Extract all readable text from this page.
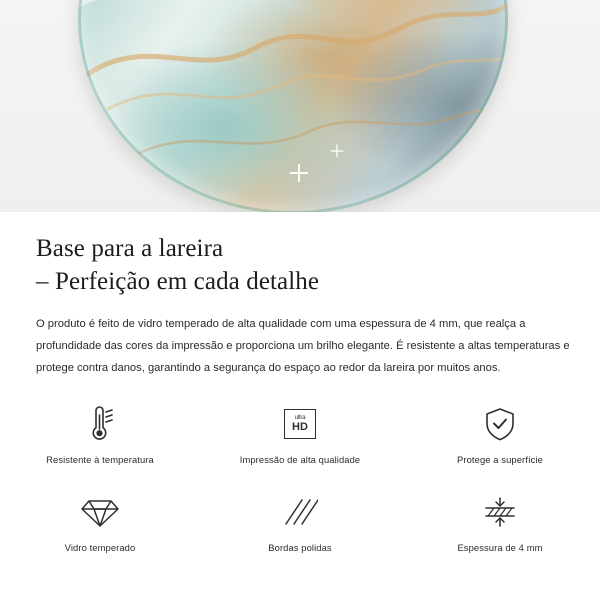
Base para a lareira
– Perfeição em cada detalhe

O produto é feito de vidro temperado de alta qualidade com uma espessura de 4 mm, que realça a profundidade das cores da impressão e proporciona um brilho elegante. É resistente a altas temperaturas e protege contra danos, garantindo a segurança do espaço ao redor da lareira por muitos anos.

Resistente à temperatura
ultra
HD
Impressão de alta qualidade	Protege a superfície
Vidro temperado	Bordas polidas	Espessura de 4 mm
